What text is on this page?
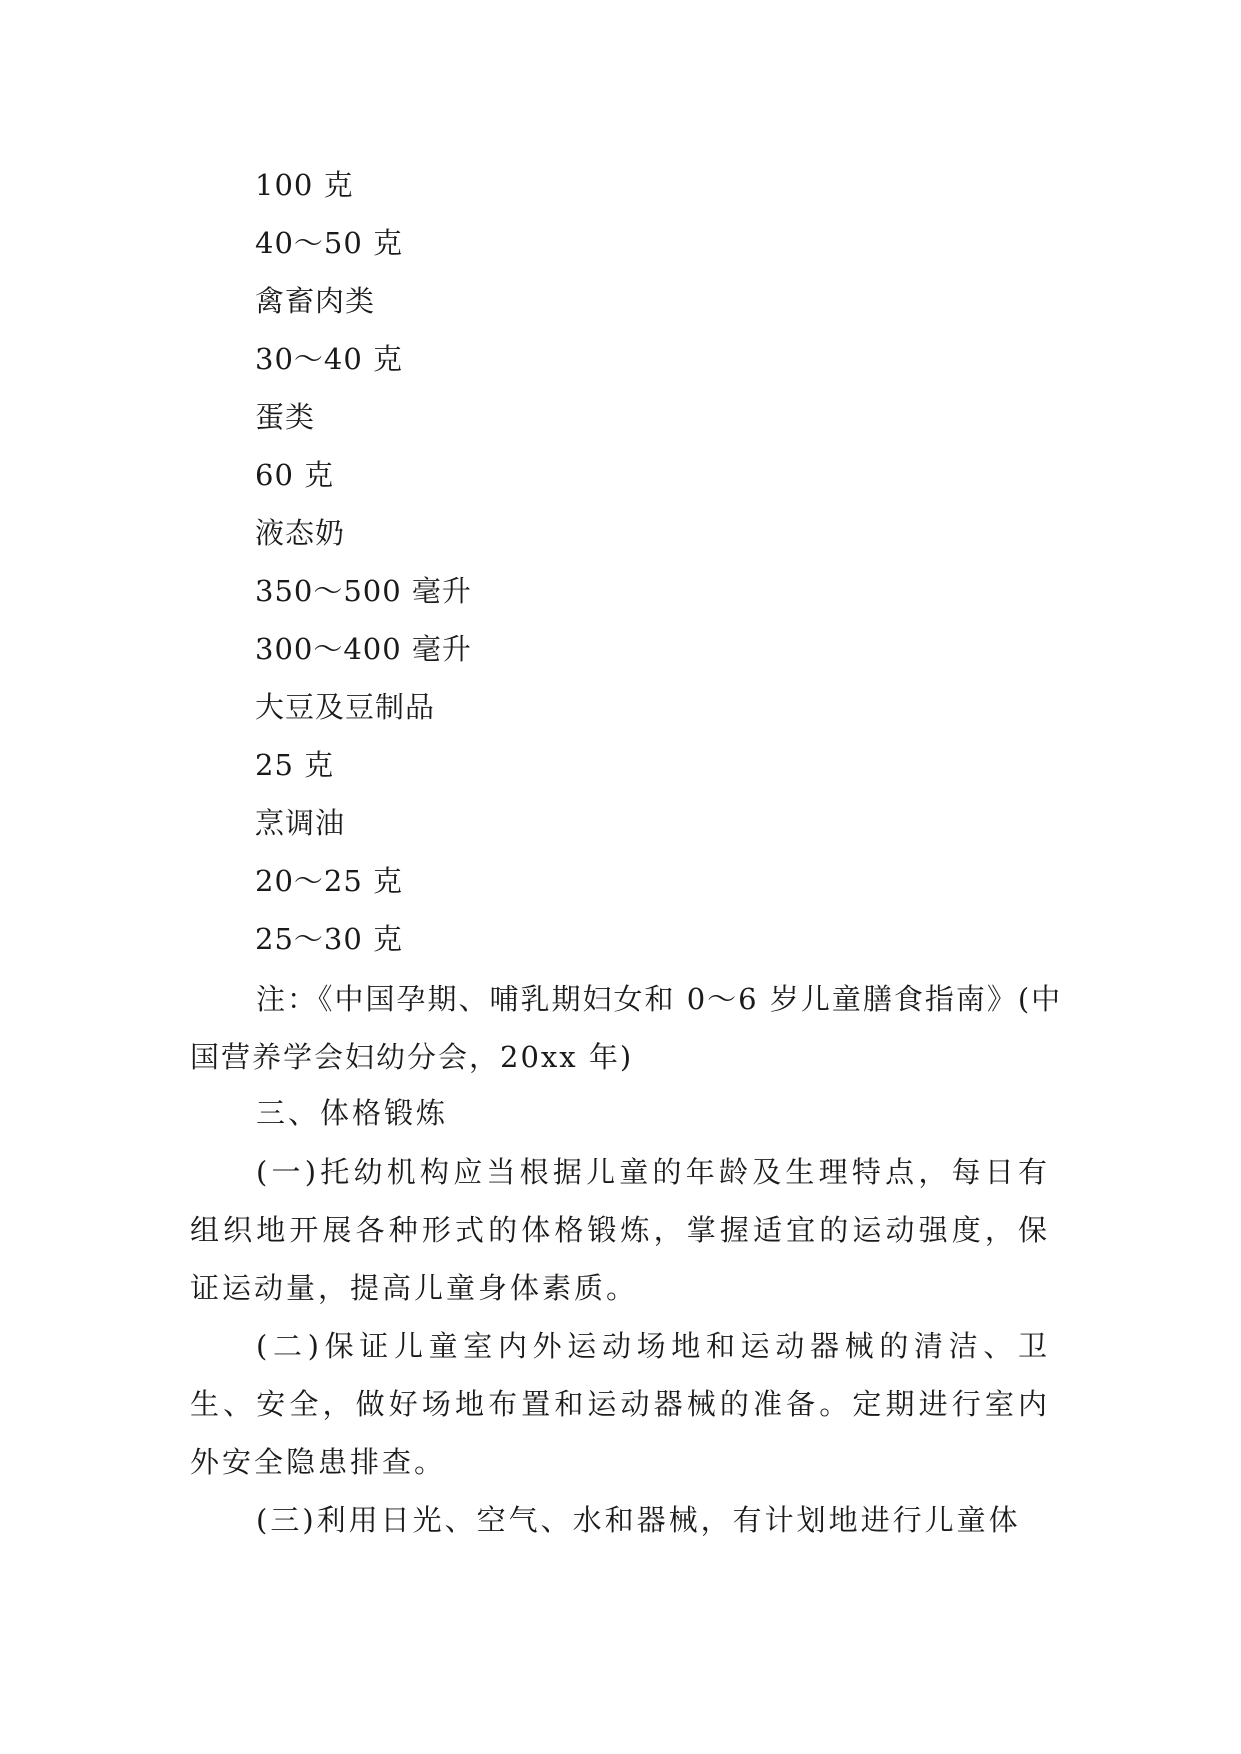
100 克
40～50 克
禽畜肉类
30～40 克
蛋类
60 克
液态奶
350～500 毫升
300～400 毫升
大豆及豆制品
25 克
烹调油
20～25 克
25～30 克
注：《中国孕期、哺乳期妇女和 0～6 岁儿童膳食指南》(中国营养学会妇幼分会，20xx 年)
三、体格锻炼
(一)托幼机构应当根据儿童的年龄及生理特点，每日有组织地开展各种形式的体格锻炼，掌握适宜的运动强度，保证运动量，提高儿童身体素质。
(二)保证儿童室内外运动场地和运动器械的清洁、卫生、安全，做好场地布置和运动器械的准备。定期进行室内外安全隐患排查。
(三)利用日光、空气、水和器械，有计划地进行儿童体
